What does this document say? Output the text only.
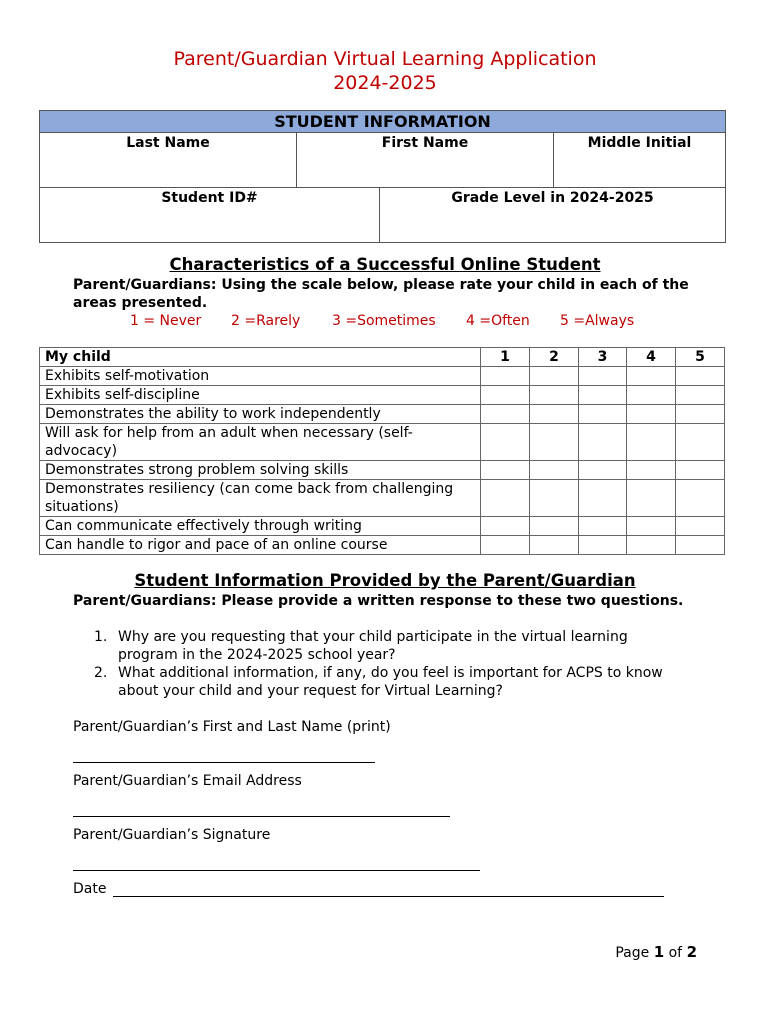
Parent/Guardian Virtual Learning Application
2024-2025
STUDENT INFORMATION			
Last Name	First Name		Middle Initial
Student ID#		Grade Level in 2024-2025	
Characteristics of a Successful Online Student
Parent/Guardians: Using the scale below, please rate your child in each of the areas presented.
1 = Never 2 =Rarely 3 =Sometimes 4 =Often 5 =Always
My child	1	2	3	4	5
Exhibits self-motivation					
Exhibits self-discipline					
Demonstrates the ability to work independently					
Will ask for help from an adult when necessary (self-advocacy)					
Demonstrates strong problem solving skills					
Demonstrates resiliency (can come back from challenging situations)					
Can communicate effectively through writing					
Can handle to rigor and pace of an online course					
Student Information Provided by the Parent/Guardian
Parent/Guardians: Please provide a written response to these two questions.
1. Why are you requesting that your child participate in the virtual learning program in the 2024-2025 school year?
2. What additional information, if any, do you feel is important for ACPS to know about your child and your request for Virtual Learning?
Parent/Guardian’s First and Last Name (print)
Parent/Guardian’s Email Address
Parent/Guardian’s Signature
Date
Page 1 of 2
